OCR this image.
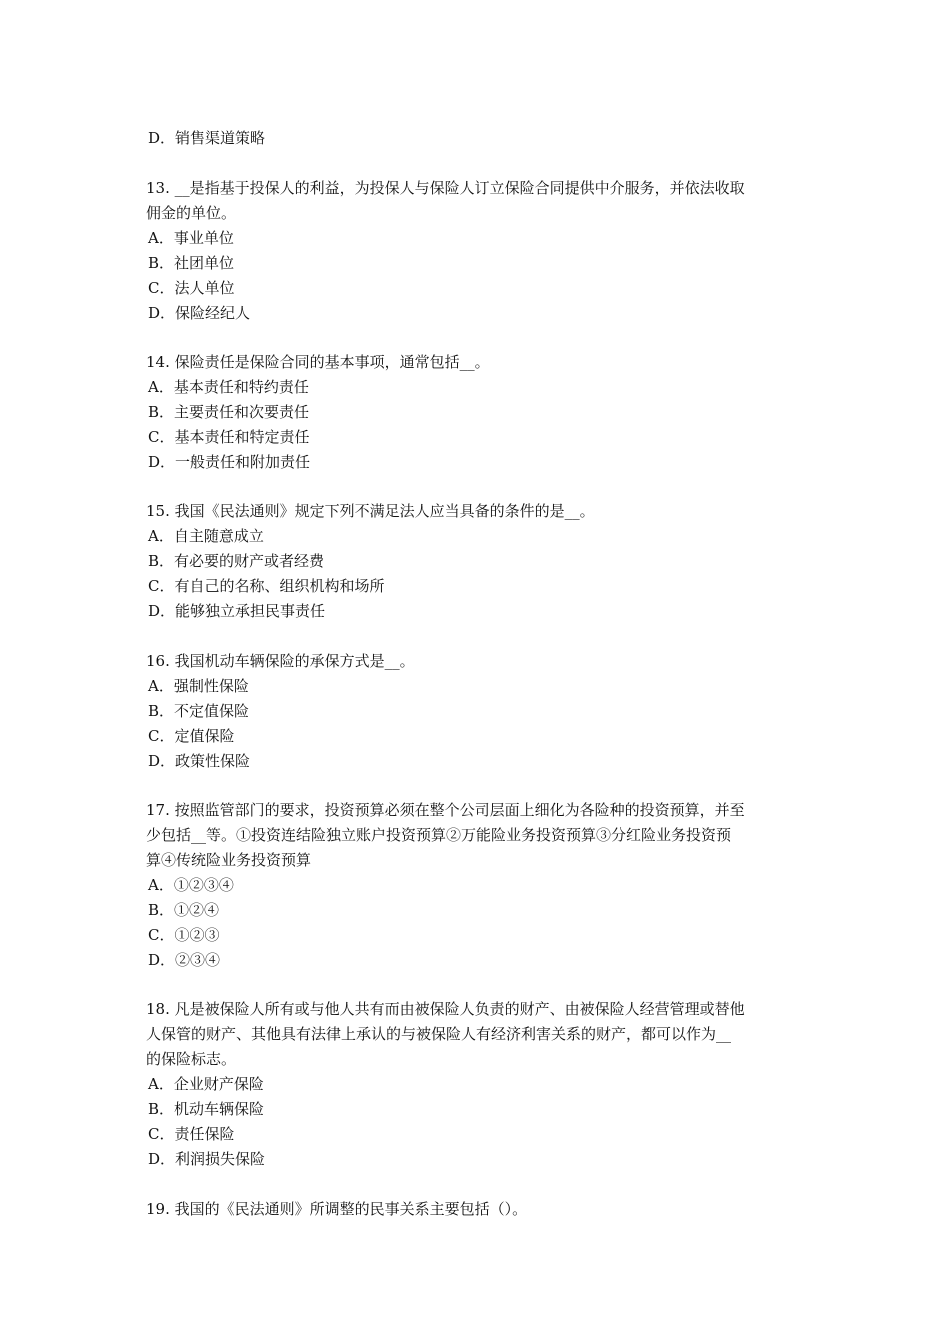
D．销售渠道策略
13. __是指基于投保人的利益，为投保人与保险人订立保险合同提供中介服务，并依法收取
佣金的单位。
A．事业单位
B．社团单位
C．法人单位
D．保险经纪人
14. 保险责任是保险合同的基本事项，通常包括__。
A．基本责任和特约责任
B．主要责任和次要责任
C．基本责任和特定责任
D．一般责任和附加责任
15. 我国《民法通则》规定下列不满足法人应当具备的条件的是__。
A．自主随意成立
B．有必要的财产或者经费
C．有自己的名称、组织机构和场所
D．能够独立承担民事责任
16. 我国机动车辆保险的承保方式是__。
A．强制性保险
B．不定值保险
C．定值保险
D．政策性保险
17. 按照监管部门的要求，投资预算必须在整个公司层面上细化为各险种的投资预算，并至
少包括__等。①投资连结险独立账户投资预算②万能险业务投资预算③分红险业务投资预
算④传统险业务投资预算
A．①②③④
B．①②④
C．①②③
D．②③④
18. 凡是被保险人所有或与他人共有而由被保险人负责的财产、由被保险人经营管理或替他
人保管的财产、其他具有法律上承认的与被保险人有经济利害关系的财产，都可以作为__
的保险标志。
A．企业财产保险
B．机动车辆保险
C．责任保险
D．利润损失保险
19. 我国的《民法通则》所调整的民事关系主要包括（）。
